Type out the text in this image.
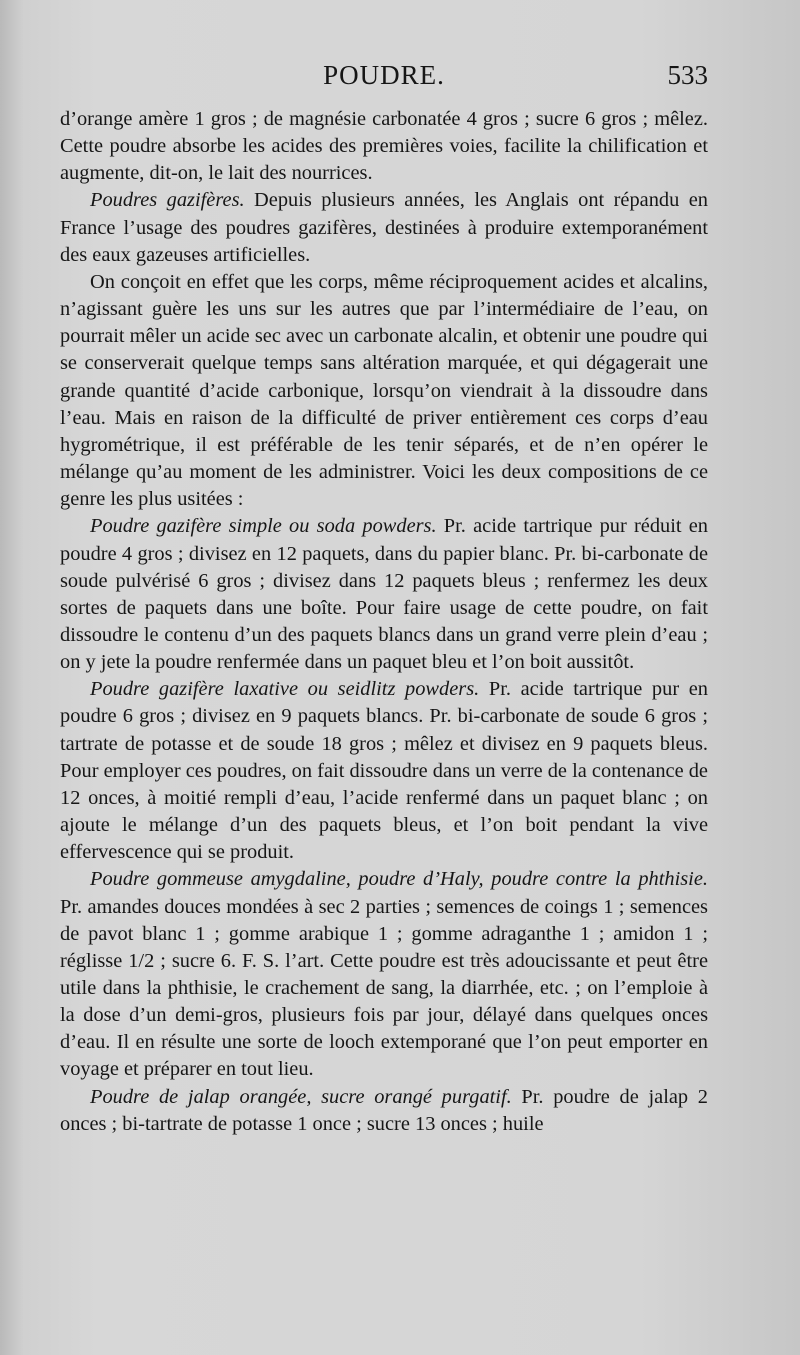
POUDRE.	533

d’orange amère 1 gros ; de magnésie carbonatée 4 gros ; sucre 6 gros ; mêlez. Cette poudre absorbe les acides des premières voies, facilite la chilification et augmente, dit-on, le lait des nourrices.

Poudres gazifères. Depuis plusieurs années, les Anglais ont répandu en France l’usage des poudres gazifères, destinées à produire extemporanément des eaux gazeuses artificielles.

On conçoit en effet que les corps, même réciproquement acides et alcalins, n’agissant guère les uns sur les autres que par l’intermédiaire de l’eau, on pourrait mêler un acide sec avec un carbonate alcalin, et obtenir une poudre qui se conserverait quelque temps sans altération marquée, et qui dégagerait une grande quantité d’acide carbonique, lorsqu’on viendrait à la dissoudre dans l’eau. Mais en raison de la difficulté de priver entièrement ces corps d’eau hygrométrique, il est préférable de les tenir séparés, et de n’en opérer le mélange qu’au moment de les administrer. Voici les deux compositions de ce genre les plus usitées :

Poudre gazifère simple ou soda powders. Pr. acide tartrique pur réduit en poudre 4 gros ; divisez en 12 paquets, dans du papier blanc. Pr. bi-carbonate de soude pulvérisé 6 gros ; divisez dans 12 paquets bleus ; renfermez les deux sortes de paquets dans une boîte. Pour faire usage de cette poudre, on fait dissoudre le contenu d’un des paquets blancs dans un grand verre plein d’eau ; on y jete la poudre renfermée dans un paquet bleu et l’on boit aussitôt.

Poudre gazifère laxative ou seidlitz powders. Pr. acide tartrique pur en poudre 6 gros ; divisez en 9 paquets blancs. Pr. bi-carbonate de soude 6 gros ; tartrate de potasse et de soude 18 gros ; mêlez et divisez en 9 paquets bleus. Pour employer ces poudres, on fait dissoudre dans un verre de la contenance de 12 onces, à moitié rempli d’eau, l’acide renfermé dans un paquet blanc ; on ajoute le mélange d’un des paquets bleus, et l’on boit pendant la vive effervescence qui se produit.

Poudre gommeuse amygdaline, poudre d’Haly, poudre contre la phthisie. Pr. amandes douces mondées à sec 2 parties ; semences de coings 1 ; semences de pavot blanc 1 ; gomme arabique 1 ; gomme adraganthe 1 ; amidon 1 ; réglisse 1/2 ; sucre 6. F. S. l’art. Cette poudre est très adoucissante et peut être utile dans la phthisie, le crachement de sang, la diarrhée, etc. ; on l’emploie à la dose d’un demi-gros, plusieurs fois par jour, délayé dans quelques onces d’eau. Il en résulte une sorte de looch extemporané que l’on peut emporter en voyage et préparer en tout lieu.

Poudre de jalap orangée, sucre orangé purgatif. Pr. poudre de jalap 2 onces ; bi-tartrate de potasse 1 once ; sucre 13 onces ; huile
